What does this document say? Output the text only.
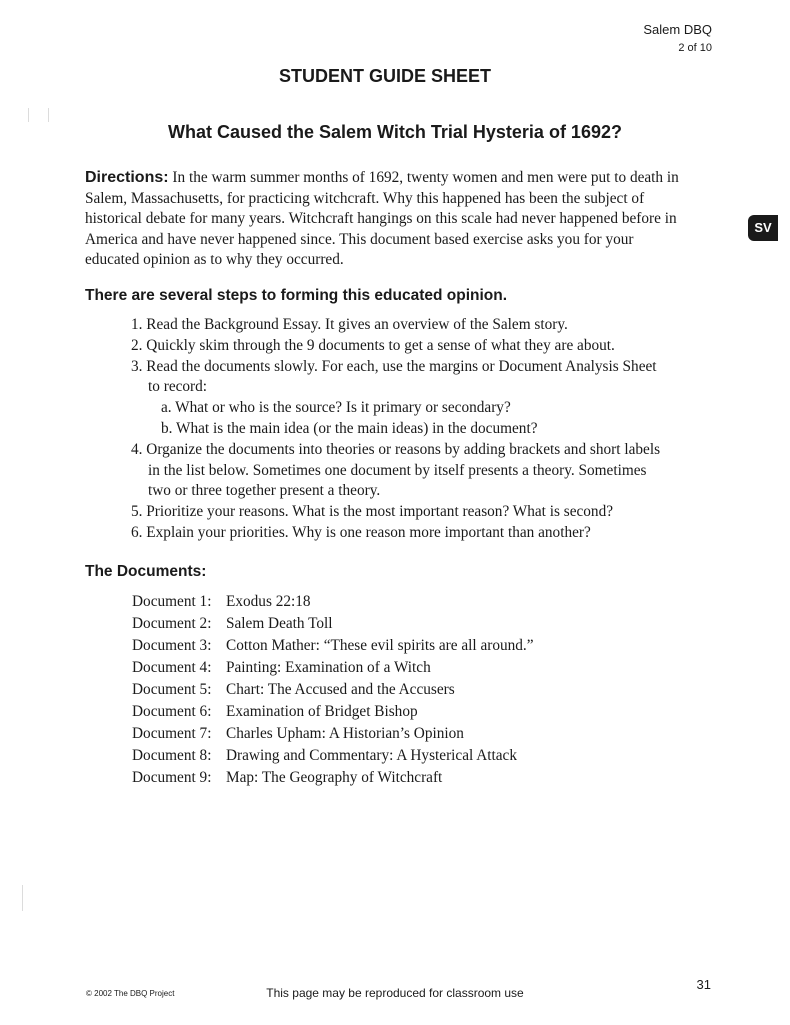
Salem DBQ
2 of 10
STUDENT GUIDE SHEET
What Caused the Salem Witch Trial Hysteria of 1692?

Directions: In the warm summer months of 1692, twenty women and men were put to death in Salem, Massachusetts, for practicing witchcraft. Why this happened has been the subject of historical debate for many years. Witchcraft hangings on this scale had never happened before in America and have never happened since. This document based exercise asks you for your educated opinion as to why they occurred.

SV
There are several steps to forming this educated opinion.
1. Read the Background Essay. It gives an overview of the Salem story.
2. Quickly skim through the 9 documents to get a sense of what they are about.
3. Read the documents slowly. For each, use the margins or Document Analysis Sheet to record:
a. What or who is the source? Is it primary or secondary?
b. What is the main idea (or the main ideas) in the document?
4. Organize the documents into theories or reasons by adding brackets and short labels in the list below. Sometimes one document by itself presents a theory. Sometimes two or three together present a theory.
5. Prioritize your reasons. What is the most important reason? What is second?
6. Explain your priorities. Why is one reason more important than another?
The Documents:
Document 1: Exodus 22:18
Document 2: Salem Death Toll
Document 3: Cotton Mather: “These evil spirits are all around.”
Document 4: Painting: Examination of a Witch
Document 5: Chart: The Accused and the Accusers
Document 6: Examination of Bridget Bishop
Document 7: Charles Upham: A Historian’s Opinion
Document 8: Drawing and Commentary: A Hysterical Attack
Document 9: Map: The Geography of Witchcraft
© 2002 The DBQ Project	This page may be reproduced for classroom use
31
